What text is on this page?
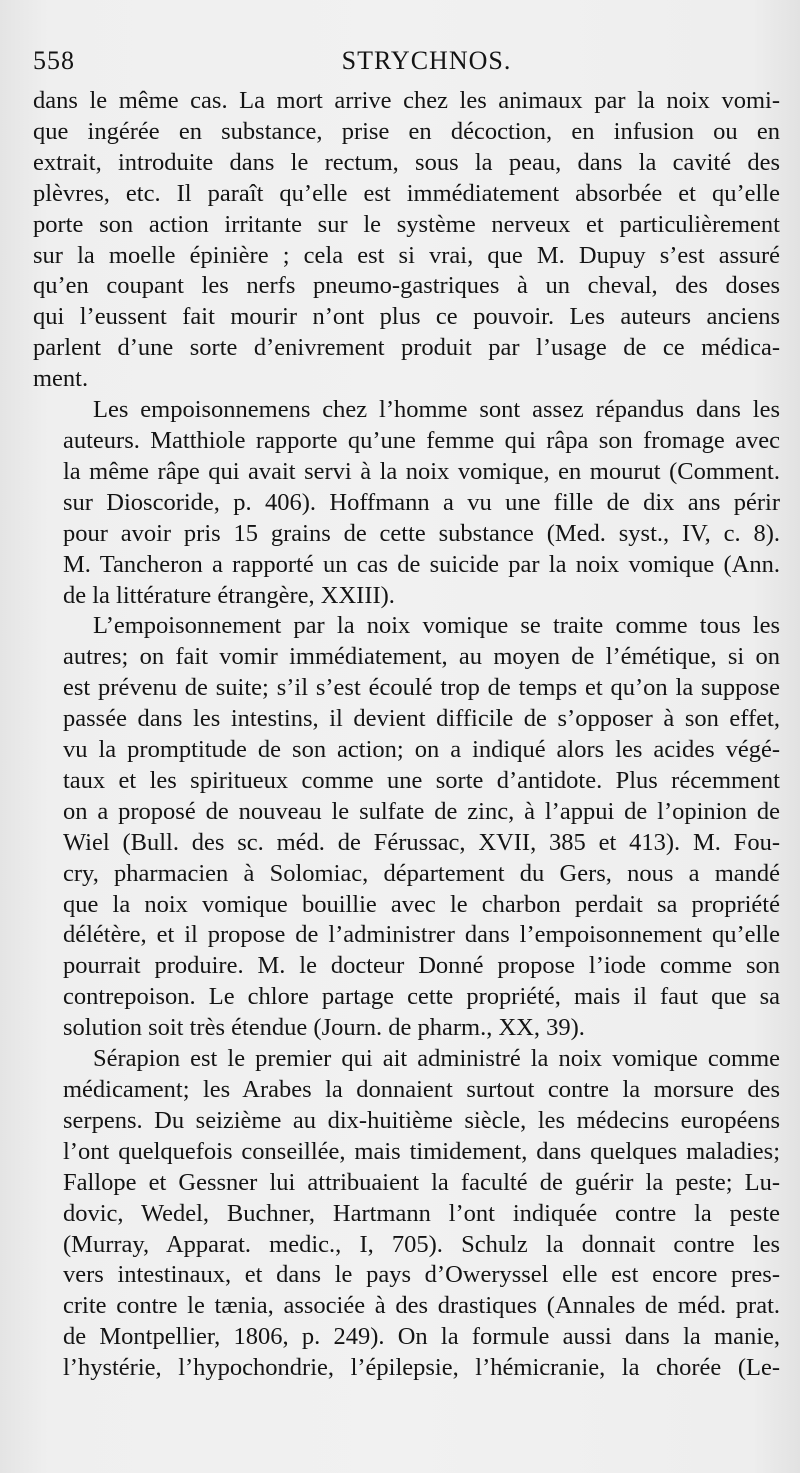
558	STRYCHNOS.

dans le même cas. La mort arrive chez les animaux par la noix vomi-
que ingérée en substance, prise en décoction, en infusion ou en
extrait, introduite dans le rectum, sous la peau, dans la cavité des
plèvres, etc. Il paraît qu’elle est immédiatement absorbée et qu’elle
porte son action irritante sur le système nerveux et particulièrement
sur la moelle épinière ; cela est si vrai, que M. Dupuy s’est assuré
qu’en coupant les nerfs pneumo-gastriques à un cheval, des doses
qui l’eussent fait mourir n’ont plus ce pouvoir. Les auteurs anciens
parlent d’une sorte d’enivrement produit par l’usage de ce médica-
ment.

Les empoisonnemens chez l’homme sont assez répandus dans les
auteurs. Matthiole rapporte qu’une femme qui râpa son fromage avec
la même râpe qui avait servi à la noix vomique, en mourut (Comment.
sur Dioscoride, p. 406). Hoffmann a vu une fille de dix ans périr
pour avoir pris 15 grains de cette substance (Med. syst., IV, c. 8).
M. Tancheron a rapporté un cas de suicide par la noix vomique (Ann.
de la littérature étrangère, XXIII).

L’empoisonnement par la noix vomique se traite comme tous les
autres; on fait vomir immédiatement, au moyen de l’émétique, si on
est prévenu de suite; s’il s’est écoulé trop de temps et qu’on la suppose
passée dans les intestins, il devient difficile de s’opposer à son effet,
vu la promptitude de son action; on a indiqué alors les acides végé-
taux et les spiritueux comme une sorte d’antidote. Plus récemment
on a proposé de nouveau le sulfate de zinc, à l’appui de l’opinion de
Wiel (Bull. des sc. méd. de Férussac, XVII, 385 et 413). M. Fou-
cry, pharmacien à Solomiac, département du Gers, nous a mandé
que la noix vomique bouillie avec le charbon perdait sa propriété
délétère, et il propose de l’administrer dans l’empoisonnement qu’elle
pourrait produire. M. le docteur Donné propose l’iode comme son
contrepoison. Le chlore partage cette propriété, mais il faut que sa
solution soit très étendue (Journ. de pharm., XX, 39).

Sérapion est le premier qui ait administré la noix vomique comme
médicament; les Arabes la donnaient surtout contre la morsure des
serpens. Du seizième au dix-huitième siècle, les médecins européens
l’ont quelquefois conseillée, mais timidement, dans quelques maladies;
Fallope et Gessner lui attribuaient la faculté de guérir la peste; Lu-
dovic, Wedel, Buchner, Hartmann l’ont indiquée contre la peste
(Murray, Apparat. medic., I, 705). Schulz la donnait contre les
vers intestinaux, et dans le pays d’Oweryssel elle est encore pres-
crite contre le tænia, associée à des drastiques (Annales de méd. prat.
de Montpellier, 1806, p. 249). On la formule aussi dans la manie,
l’hystérie, l’hypochondrie, l’épilepsie, l’hémicranie, la chorée (Le-
